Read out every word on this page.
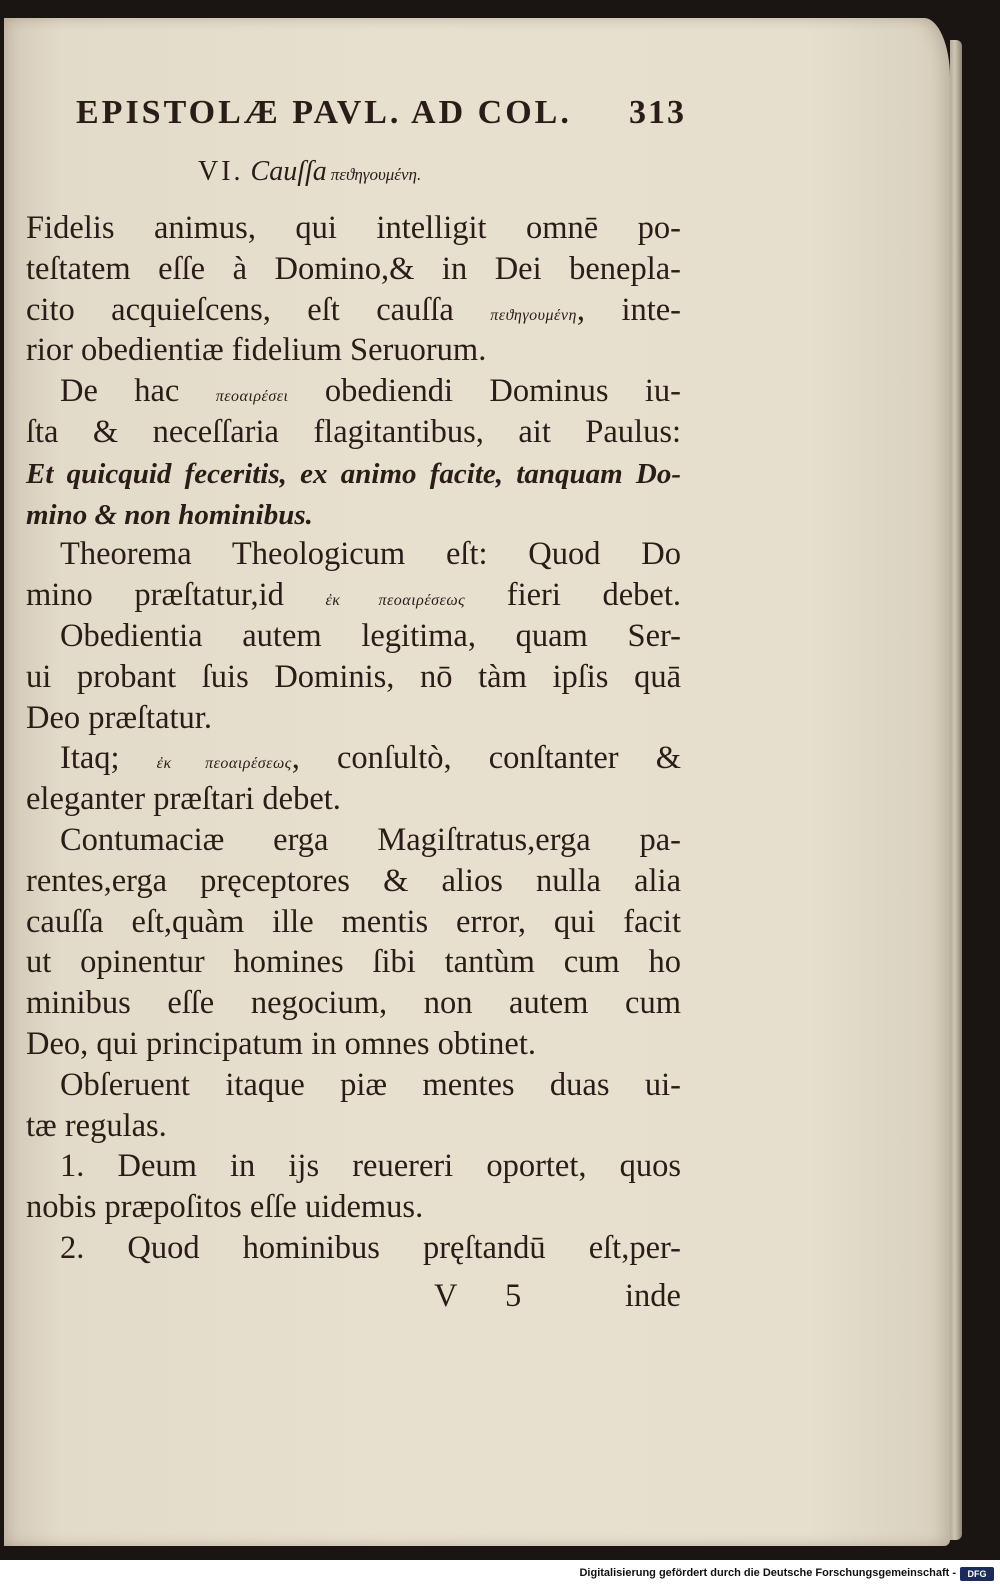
EPISTOLÆ PAVL. AD COL. 313
VI. Cauſſa πεϑηγουμένη.
Fidelis animus, qui intelligit omnē po-
teſtatem eſſe à Domino,& in Dei benepla-
cito acquieſcens, eſt cauſſa πεϑηγουμένη, inte-
rior obedientiæ fidelium Seruorum.
De hac πεοαιρέσει obediendi Dominus iu-
ſta & neceſſaria flagitantibus, ait Paulus:
Et quicquid feceritis, ex animo facite, tanquam Do-
mino & non hominibus.
Theorema Theologicum eſt: Quod Do
mino præſtatur,id ἐκ πεοαιρέσεως fieri debet.
Obedientia autem legitima, quam Ser-
ui probant ſuis Dominis, nō tàm ipſis quā
Deo præſtatur.
Itaq; ἐκ πεοαιρέσεως, conſultò, conſtanter &
eleganter præſtari debet.
Contumaciæ erga Magiſtratus,erga pa-
rentes,erga pręceptores & alios nulla alia
cauſſa eſt,quàm ille mentis error, qui facit
ut opinentur homines ſibi tantùm cum ho
minibus eſſe negocium, non autem cum
Deo, qui principatum in omnes obtinet.
Obſeruent itaque piæ mentes duas ui-
tæ regulas.
1. Deum in ijs reuereri oportet, quos
nobis præpoſitos eſſe uidemus.
2. Quod hominibus pręſtandū eſt,per-
V 5	inde
Digitalisierung gefördert durch die Deutsche Forschungsgemeinschaft -	DFG
